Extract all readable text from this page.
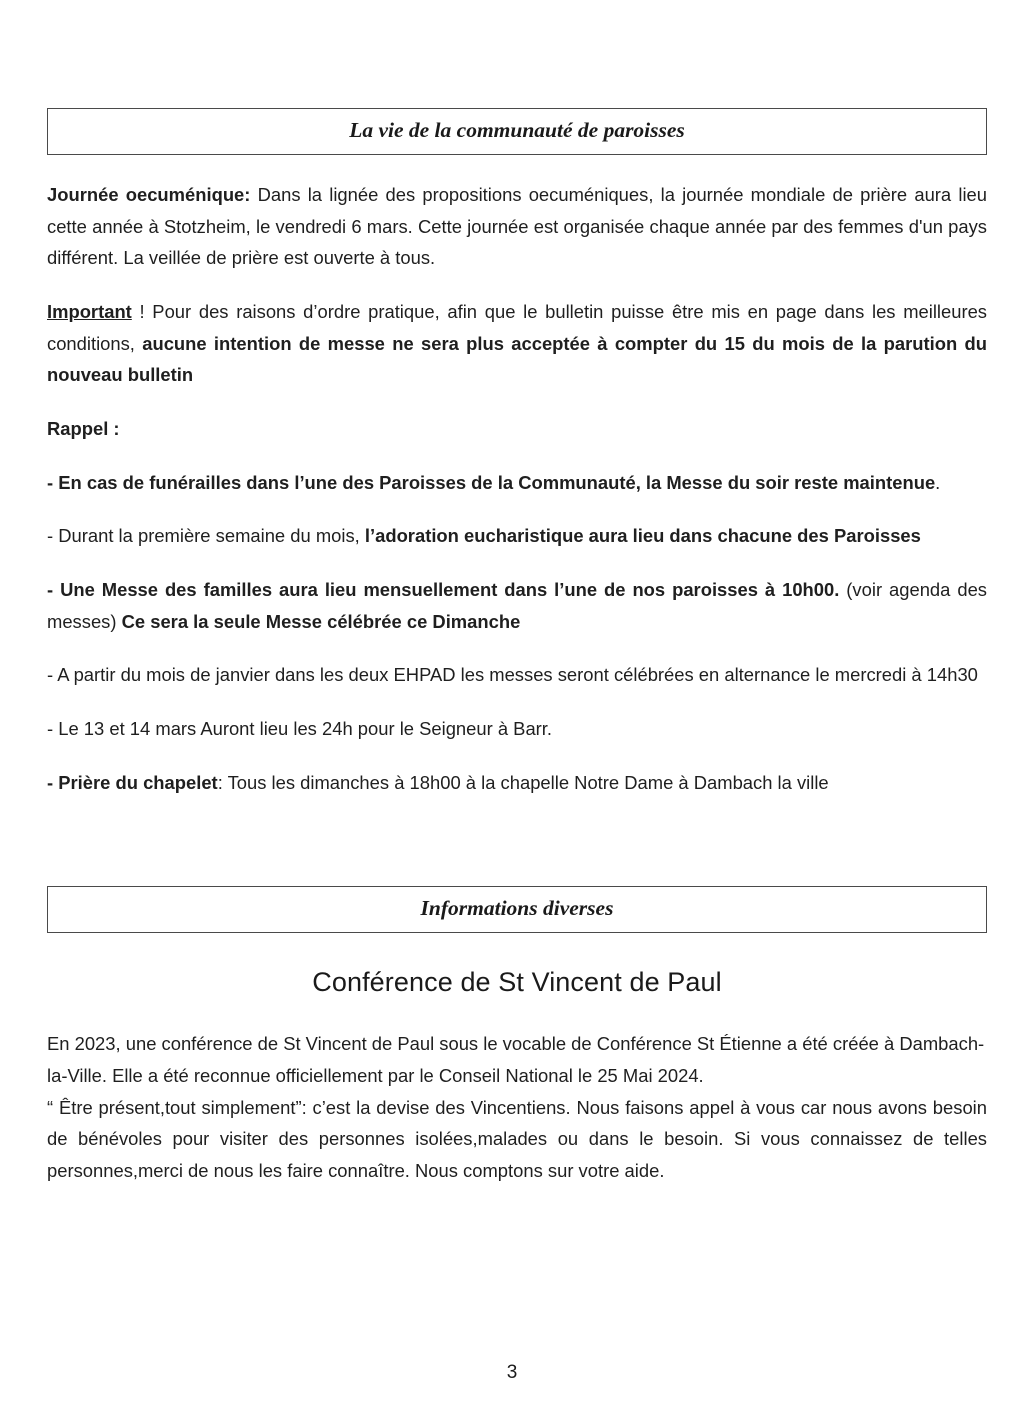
La vie de la communauté de paroisses

Journée oecuménique: Dans la lignée des propositions oecuméniques, la journée mondiale de prière aura lieu cette année à Stotzheim, le vendredi 6 mars. Cette journée est organisée chaque année par des femmes d'un pays différent. La veillée de prière est ouverte à tous.

Important ! Pour des raisons d’ordre pratique, afin que le bulletin puisse être mis en page dans les meilleures conditions, aucune intention de messe ne sera plus acceptée à compter du 15 du mois de la parution du nouveau bulletin

Rappel :

- En cas de funérailles dans l’une des Paroisses de la Communauté, la Messe du soir reste maintenue.

- Durant la première semaine du mois, l’adoration eucharistique aura lieu dans chacune des Paroisses

- Une Messe des familles aura lieu mensuellement dans l’une de nos paroisses à 10h00. (voir agenda des messes) Ce sera la seule Messe célébrée ce Dimanche

- A partir du mois de janvier dans les deux EHPAD les messes seront célébrées en alternance le mercredi à 14h30

- Le 13 et 14 mars Auront lieu les 24h pour le Seigneur à Barr.

- Prière du chapelet: Tous les dimanches à 18h00 à la chapelle Notre Dame à Dambach la ville

Informations diverses
Conférence de St Vincent de Paul

En 2023, une conférence de St Vincent de Paul sous le vocable de Conférence St Étienne a été créée à Dambach-la-Ville. Elle a été reconnue officiellement par le Conseil National le 25 Mai 2024.

“ Être présent,tout simplement”: c’est la devise des Vincentiens. Nous faisons appel à vous car nous avons besoin de bénévoles pour visiter des personnes isolées,malades ou dans le besoin. Si vous connaissez de telles personnes,merci de nous les faire connaître. Nous comptons sur votre aide.

3
